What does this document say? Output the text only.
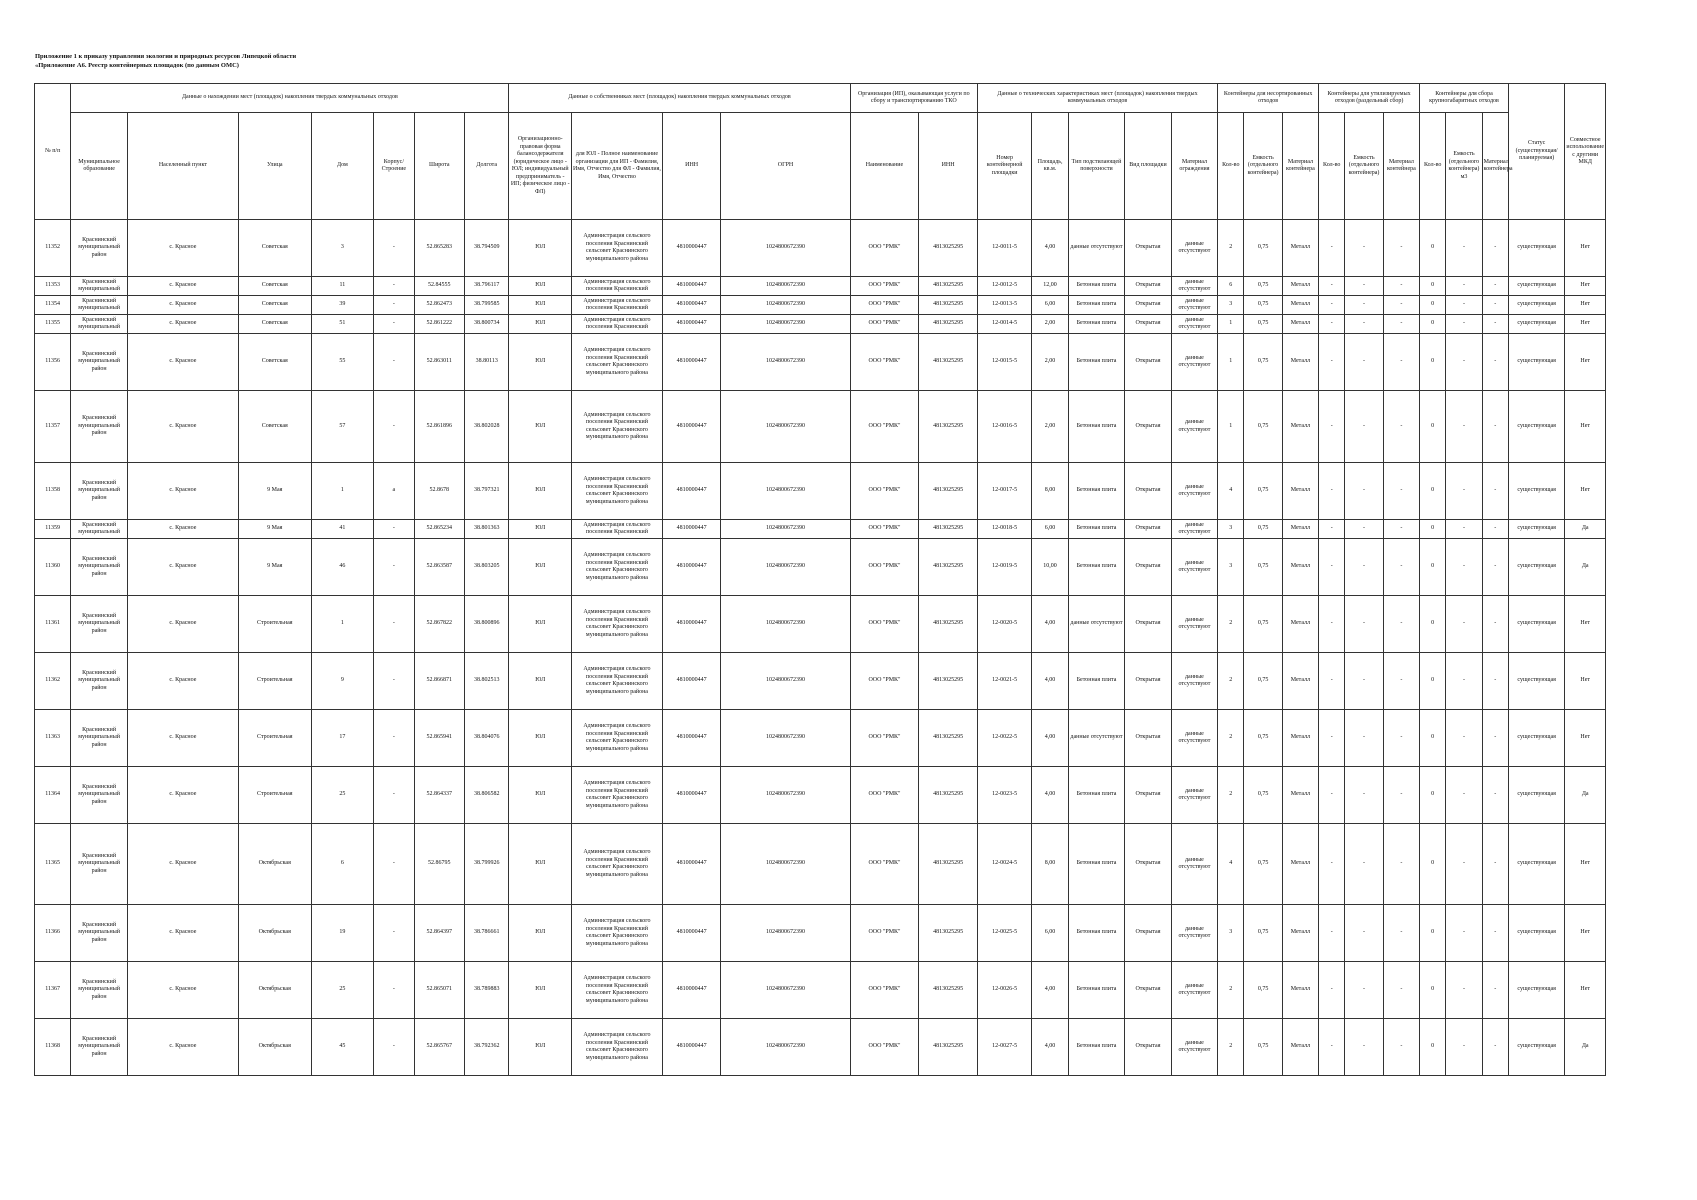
Приложение 1 к приказу управления экологии и природных ресурсов Липецкой области
«Приложение А6. Реестр контейнерных площадок (по данным ОМС)
№ п/п	Данные о нахождении мест (площадок) накопления твердых коммунальных отходов							Данные о собственниках мест (площадок) накопления твердых коммунальных отходов				Организация (ИП), оказывающая услуги по сбору и транспортированию ТКО		Данные о технических характеристиках мест (площадок) накопления твердых коммунальных отходов					Контейнеры для несортированных отходов			Контейнеры для утилизируемых отходов (раздельный сбор)			Контейнеры для сбора крупногабаритных отходов			Статус (существующая/ планируемая)	Совместное использование с другими МКД
	Муниципальное образование	Населенный пункт	Улица	Дом	Корпус/Строение	Широта	Долгота	Организационно-правовая форма балансодержателя (юридическое лицо - ЮЛ; индивидуальный предприниматель - ИП; физическое лицо - ФЛ)	для ЮЛ - Полное наименование организации для ИП - Фамилия, Имя, Отчество для ФЛ - Фамилия, Имя, Отчество	ИНН	ОГРН	Наименование	ИНН	Номер контейнерной площадки	Площадь, кв.м.	Тип подстилающей поверхности	Вид площадки	Материал ограждения	Кол-во	Емкость (отдельного контейнера)	Материал контейнера	Кол-во	Емкость (отдельного контейнера)	Материал контейнера	Кол-во	Емкость (отдельного контейнера) м3	Материал контейнера		
11352	Краснинский муниципальный район	с. Красное	Советская	3	-	52.865283	38.794509	ЮЛ	Администрация сельского поселения Краснинский сельсовет Краснинского муниципального района	4810000447	1024800672390	ООО "РМК"	4813025295	12-0011-5	4,00	данные отсутствуют	Открытая	данные отсутствуют	2	0,75	Металл	-	-	-	0	-	-	существующая	Нет
11353	Краснинский муниципальный	с. Красное	Советская	11	-	52.84555	38.796117	ЮЛ	Администрация сельского поселения Краснинский	4810000447	1024800672390	ООО "РМК"	4813025295	12-0012-5	12,00	Бетонная плита	Открытая	данные отсутствуют	6	0,75	Металл	-	-	-	0	-	-	существующая	Нет
11354	Краснинский муниципальный	с. Красное	Советская	39	-	52.862473	38.799585	ЮЛ	Администрация сельского поселения Краснинский	4810000447	1024800672390	ООО "РМК"	4813025295	12-0013-5	6,00	Бетонная плита	Открытая	данные отсутствуют	3	0,75	Металл	-	-	-	0	-	-	существующая	Нет
11355	Краснинский муниципальный	с. Красное	Советская	51	-	52.861222	38.800734	ЮЛ	Администрация сельского поселения Краснинский	4810000447	1024800672390	ООО "РМК"	4813025295	12-0014-5	2,00	Бетонная плита	Открытая	данные отсутствуют	1	0,75	Металл	-	-	-	0	-	-	существующая	Нет
11356	Краснинский муниципальный район	с. Красное	Советская	55	-	52.863011	38.80113	ЮЛ	Администрация сельского поселения Краснинский сельсовет Краснинского муниципального района	4810000447	1024800672390	ООО "РМК"	4813025295	12-0015-5	2,00	Бетонная плита	Открытая	данные отсутствуют	1	0,75	Металл	-	-	-	0	-	-	существующая	Нет
11357	Краснинский муниципальный район	с. Красное	Советская	57	-	52.861896	38.802028	ЮЛ	Администрация сельского поселения Краснинский сельсовет Краснинского муниципального района	4810000447	1024800672390	ООО "РМК"	4813025295	12-0016-5	2,00	Бетонная плита	Открытая	данные отсутствуют	1	0,75	Металл	-	-	-	0	-	-	существующая	Нет
11358	Краснинский муниципальный район	с. Красное	9 Мая	1	а	52.8678	38.797321	ЮЛ	Администрация сельского поселения Краснинский сельсовет Краснинского муниципального района	4810000447	1024800672390	ООО "РМК"	4813025295	12-0017-5	8,00	Бетонная плита	Открытая	данные отсутствуют	4	0,75	Металл	-	-	-	0	-	-	существующая	Нет
11359	Краснинский муниципальный	с. Красное	9 Мая	41	-	52.865234	38.801363	ЮЛ	Администрация сельского поселения Краснинский	4810000447	1024800672390	ООО "РМК"	4813025295	12-0018-5	6,00	Бетонная плита	Открытая	данные отсутствуют	3	0,75	Металл	-	-	-	0	-	-	существующая	Да
11360	Краснинский муниципальный район	с. Красное	9 Мая	46	-	52.863587	38.803205	ЮЛ	Администрация сельского поселения Краснинский сельсовет Краснинского муниципального района	4810000447	1024800672390	ООО "РМК"	4813025295	12-0019-5	10,00	Бетонная плита	Открытая	данные отсутствуют	3	0,75	Металл	-	-	-	0	-	-	существующая	Да
11361	Краснинский муниципальный район	с. Красное	Строительная	1	-	52.867822	38.800896	ЮЛ	Администрация сельского поселения Краснинский сельсовет Краснинского муниципального района	4810000447	1024800672390	ООО "РМК"	4813025295	12-0020-5	4,00	данные отсутствуют	Открытая	данные отсутствуют	2	0,75	Металл	-	-	-	0	-	-	существующая	Нет
11362	Краснинский муниципальный район	с. Красное	Строительная	9	-	52.866871	38.802513	ЮЛ	Администрация сельского поселения Краснинский сельсовет Краснинского муниципального района	4810000447	1024800672390	ООО "РМК"	4813025295	12-0021-5	4,00	Бетонная плита	Открытая	данные отсутствуют	2	0,75	Металл	-	-	-	0	-	-	существующая	Нет
11363	Краснинский муниципальный район	с. Красное	Строительная	17	-	52.865941	38.804076	ЮЛ	Администрация сельского поселения Краснинский сельсовет Краснинского муниципального района	4810000447	1024800672390	ООО "РМК"	4813025295	12-0022-5	4,00	данные отсутствуют	Открытая	данные отсутствуют	2	0,75	Металл	-	-	-	0	-	-	существующая	Нет
11364	Краснинский муниципальный район	с. Красное	Строительная	25	-	52.864337	38.806582	ЮЛ	Администрация сельского поселения Краснинский сельсовет Краснинского муниципального района	4810000447	1024800672390	ООО "РМК"	4813025295	12-0023-5	4,00	Бетонная плита	Открытая	данные отсутствуют	2	0,75	Металл	-	-	-	0	-	-	существующая	Да
11365	Краснинский муниципальный район	с. Красное	Октябрьская	6	-	52.86795	38.799926	ЮЛ	Администрация сельского поселения Краснинский сельсовет Краснинского муниципального района	4810000447	1024800672390	ООО "РМК"	4813025295	12-0024-5	8,00	Бетонная плита	Открытая	данные отсутствуют	4	0,75	Металл	-	-	-	0	-	-	существующая	Нет
11366	Краснинский муниципальный район	с. Красное	Октябрьская	19	-	52.864397	38.786661	ЮЛ	Администрация сельского поселения Краснинский сельсовет Краснинского муниципального района	4810000447	1024800672390	ООО "РМК"	4813025295	12-0025-5	6,00	Бетонная плита	Открытая	данные отсутствуют	3	0,75	Металл	-	-	-	0	-	-	существующая	Нет
11367	Краснинский муниципальный район	с. Красное	Октябрьская	25	-	52.865071	38.789883	ЮЛ	Администрация сельского поселения Краснинский сельсовет Краснинского муниципального района	4810000447	1024800672390	ООО "РМК"	4813025295	12-0026-5	4,00	Бетонная плита	Открытая	данные отсутствуют	2	0,75	Металл	-	-	-	0	-	-	существующая	Нет
11368	Краснинский муниципальный район	с. Красное	Октябрьская	45	-	52.865767	38.792362	ЮЛ	Администрация сельского поселения Краснинский сельсовет Краснинского муниципального района	4810000447	1024800672390	ООО "РМК"	4813025295	12-0027-5	4,00	Бетонная плита	Открытая	данные отсутствуют	2	0,75	Металл	-	-	-	0	-	-	существующая	Да
